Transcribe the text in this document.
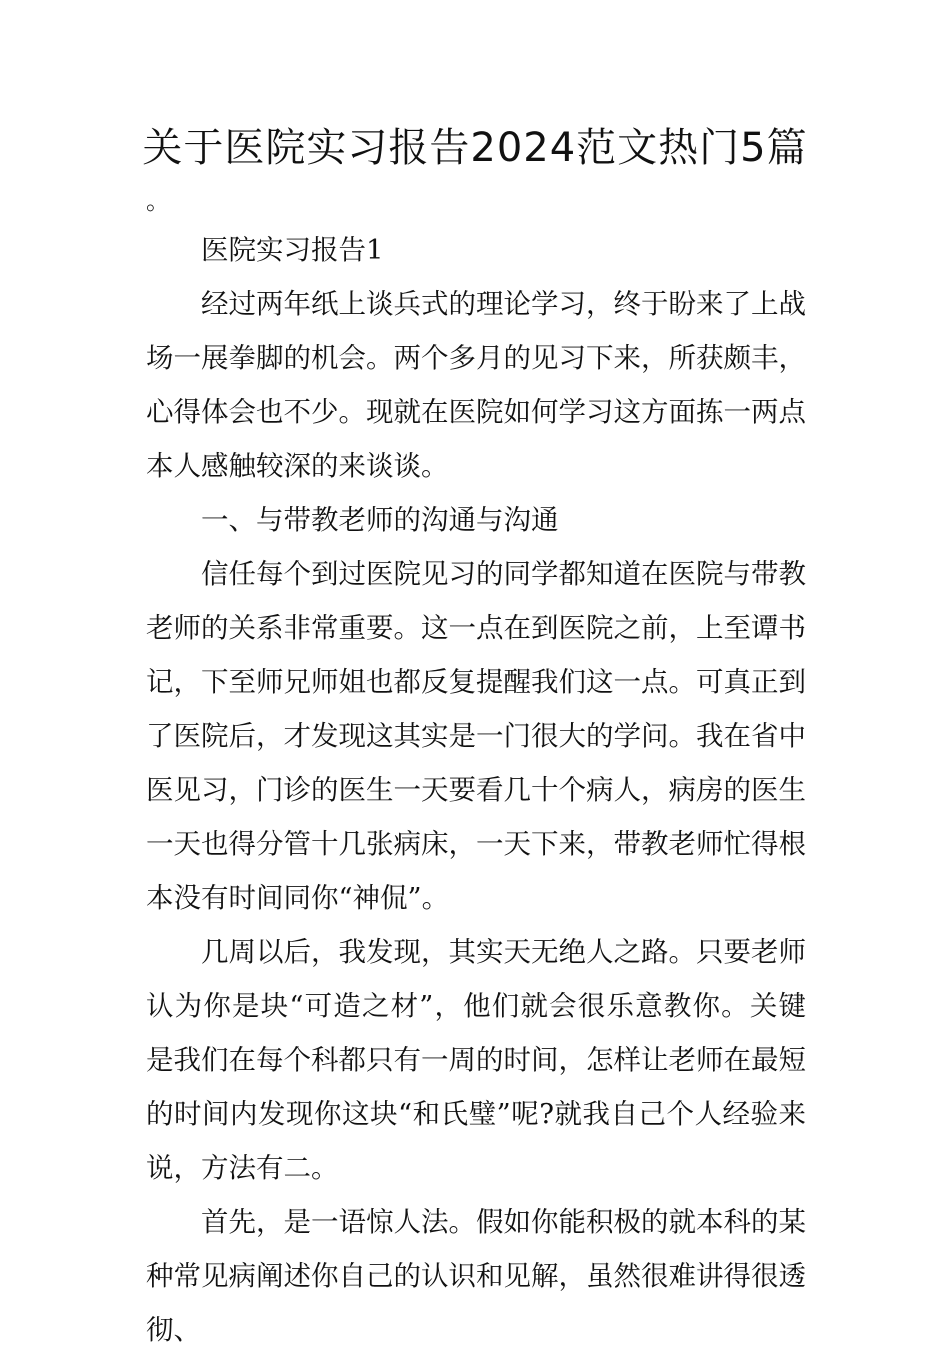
关于医院实习报告2024范文热门5篇
。

医院实习报告1

经过两年纸上谈兵式的理论学习，终于盼来了上战场一展拳脚的机会。两个多月的见习下来，所获颇丰，心得体会也不少。现就在医院如何学习这方面拣一两点本人感触较深的来谈谈。

一、与带教老师的沟通与沟通

信任每个到过医院见习的同学都知道在医院与带教老师的关系非常重要。这一点在到医院之前，上至谭书记，下至师兄师姐也都反复提醒我们这一点。可真正到了医院后，才发现这其实是一门很大的学问。我在省中医见习，门诊的医生一天要看几十个病人，病房的医生一天也得分管十几张病床，一天下来，带教老师忙得根本没有时间同你“神侃”。

几周以后，我发现，其实天无绝人之路。只要老师认为你是块“可造之材”，他们就会很乐意教你。关键是我们在每个科都只有一周的时间，怎样让老师在最短的时间内发现你这块“和氏璧”呢?就我自己个人经验来说，方法有二。

首先，是一语惊人法。假如你能积极的就本科的某种常见病阐述你自己的认识和见解，虽然很难讲得很透彻、
